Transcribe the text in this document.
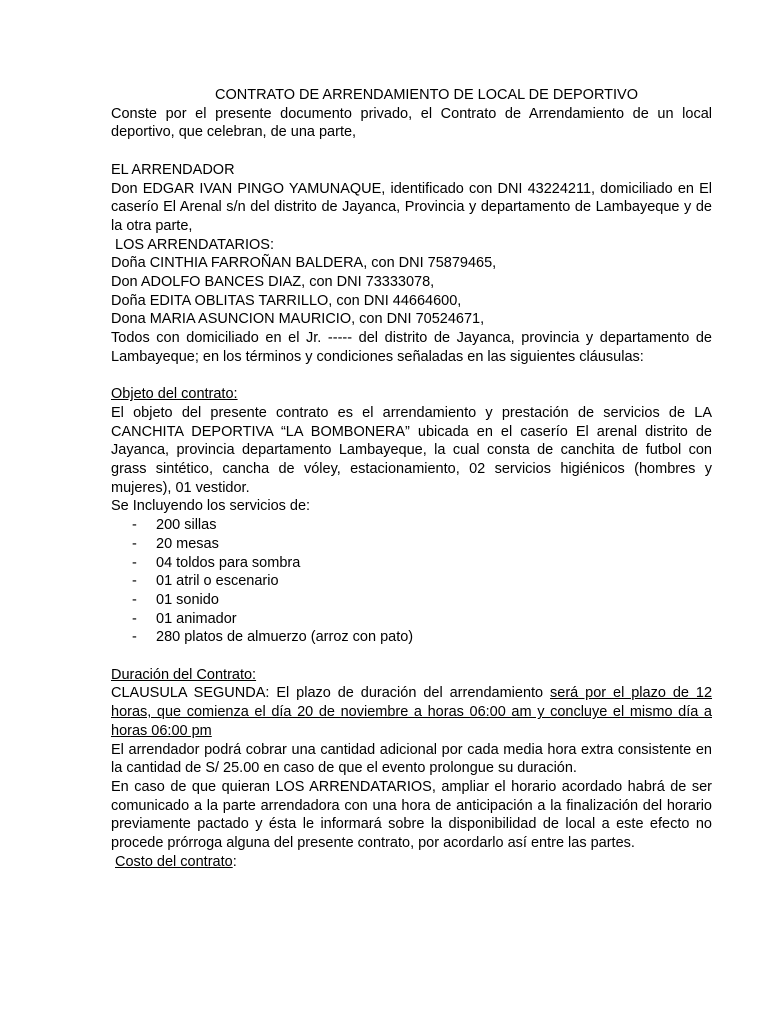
CONTRATO DE ARRENDAMIENTO DE LOCAL DE DEPORTIVO

Conste por el presente documento privado, el Contrato de Arrendamiento de un local deportivo, que celebran, de una parte,

EL ARRENDADOR

Don EDGAR IVAN PINGO YAMUNAQUE, identificado con DNI 43224211, domiciliado en El caserío El Arenal s/n del distrito de Jayanca, Provincia y departamento de Lambayeque y de la otra parte,

LOS ARRENDATARIOS:

Doña CINTHIA FARROÑAN BALDERA, con DNI 75879465,

Don ADOLFO BANCES DIAZ, con DNI 73333078,

Doña EDITA OBLITAS TARRILLO, con DNI 44664600,

Dona MARIA ASUNCION MAURICIO, con DNI 70524671,

Todos con domiciliado en el Jr. ----- del distrito de Jayanca, provincia y departamento de Lambayeque; en los términos y condiciones señaladas en las siguientes cláusulas:

Objeto del contrato:

El objeto del presente contrato es el arrendamiento y prestación de servicios de LA CANCHITA DEPORTIVA “LA BOMBONERA” ubicada en el caserío El arenal distrito de Jayanca, provincia departamento Lambayeque, la cual consta de canchita de futbol con grass sintético, cancha de vóley, estacionamiento, 02 servicios higiénicos (hombres y mujeres), 01 vestidor.

Se Incluyendo los servicios de:

- 200 sillas
- 20 mesas
- 04 toldos para sombra
- 01 atril o escenario
- 01 sonido
- 01 animador
- 280 platos de almuerzo (arroz con pato)
Duración del Contrato:

CLAUSULA SEGUNDA: El plazo de duración del arrendamiento será por el plazo de 12 horas, que comienza el día 20 de noviembre a horas 06:00 am y concluye el mismo día a horas 06:00 pm

El arrendador podrá cobrar una cantidad adicional por cada media hora extra consistente en la cantidad de S/ 25.00 en caso de que el evento prolongue su duración.

En caso de que quieran LOS ARRENDATARIOS, ampliar el horario acordado habrá de ser comunicado a la parte arrendadora con una hora de anticipación a la finalización del horario previamente pactado y ésta le informará sobre la disponibilidad de local a este efecto no procede prórroga alguna del presente contrato, por acordarlo así entre las partes.

Costo del contrato:
